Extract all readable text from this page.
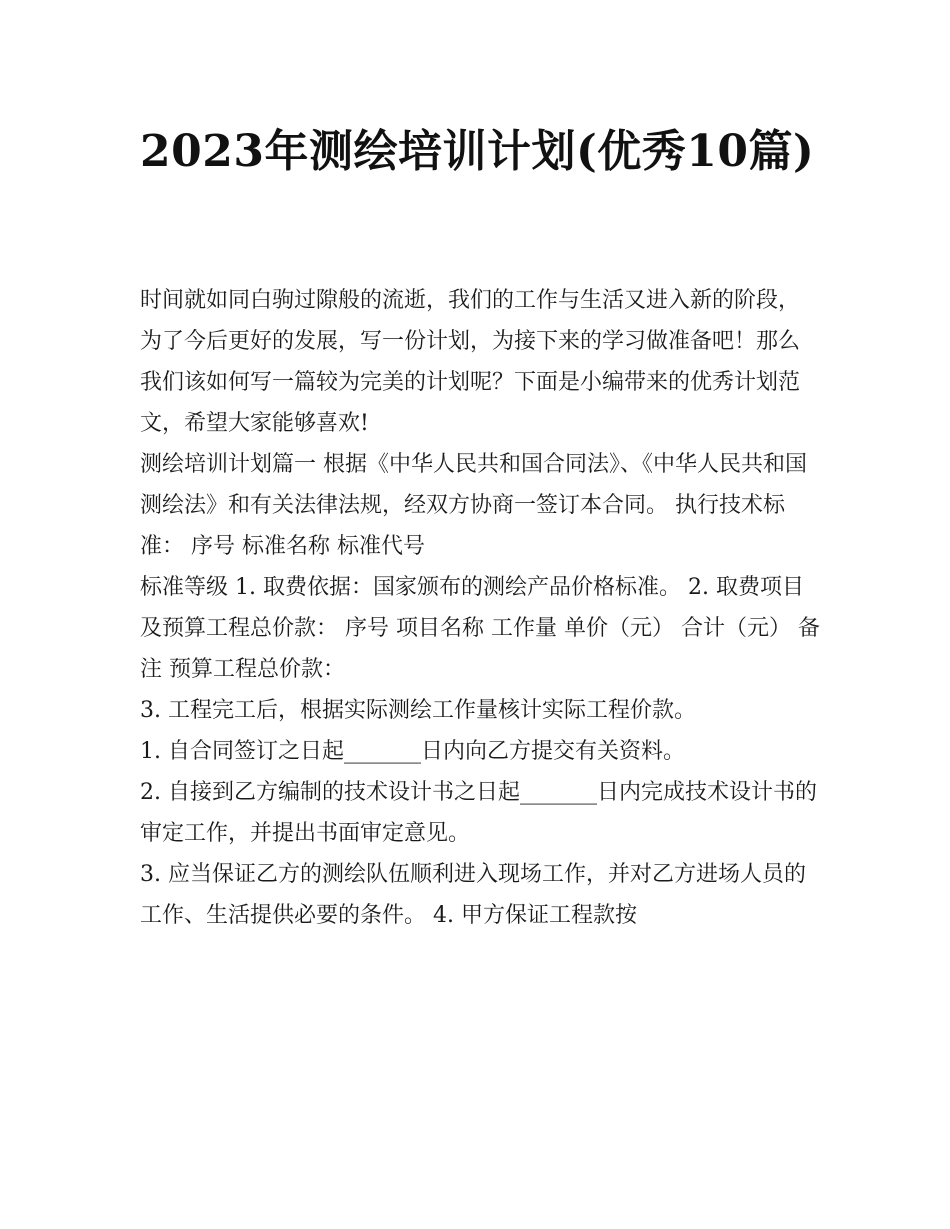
2023年测绘培训计划(优秀10篇)

时间就如同白驹过隙般的流逝，我们的工作与生活又进入新的阶段，为了今后更好的发展，写一份计划，为接下来的学习做准备吧！那么我们该如何写一篇较为完美的计划呢？下面是小编带来的优秀计划范文，希望大家能够喜欢!

测绘培训计划篇一 根据《中华人民共和国合同法》、《中华人民共和国测绘法》和有关法律法规，经双方协商一签订本合同。 执行技术标准： 序号 标准名称 标准代号

标准等级 1. 取费依据：国家颁布的测绘产品价格标准。 2. 取费项目及预算工程总价款： 序号 项目名称 工作量 单价（元） 合计（元） 备注 预算工程总价款：

3. 工程完工后，根据实际测绘工作量核计实际工程价款。

1. 自合同签订之日起_______日内向乙方提交有关资料。

2. 自接到乙方编制的技术设计书之日起_______日内完成技术设计书的审定工作，并提出书面审定意见。

3. 应当保证乙方的测绘队伍顺利进入现场工作，并对乙方进场人员的工作、生活提供必要的条件。 4. 甲方保证工程款按
